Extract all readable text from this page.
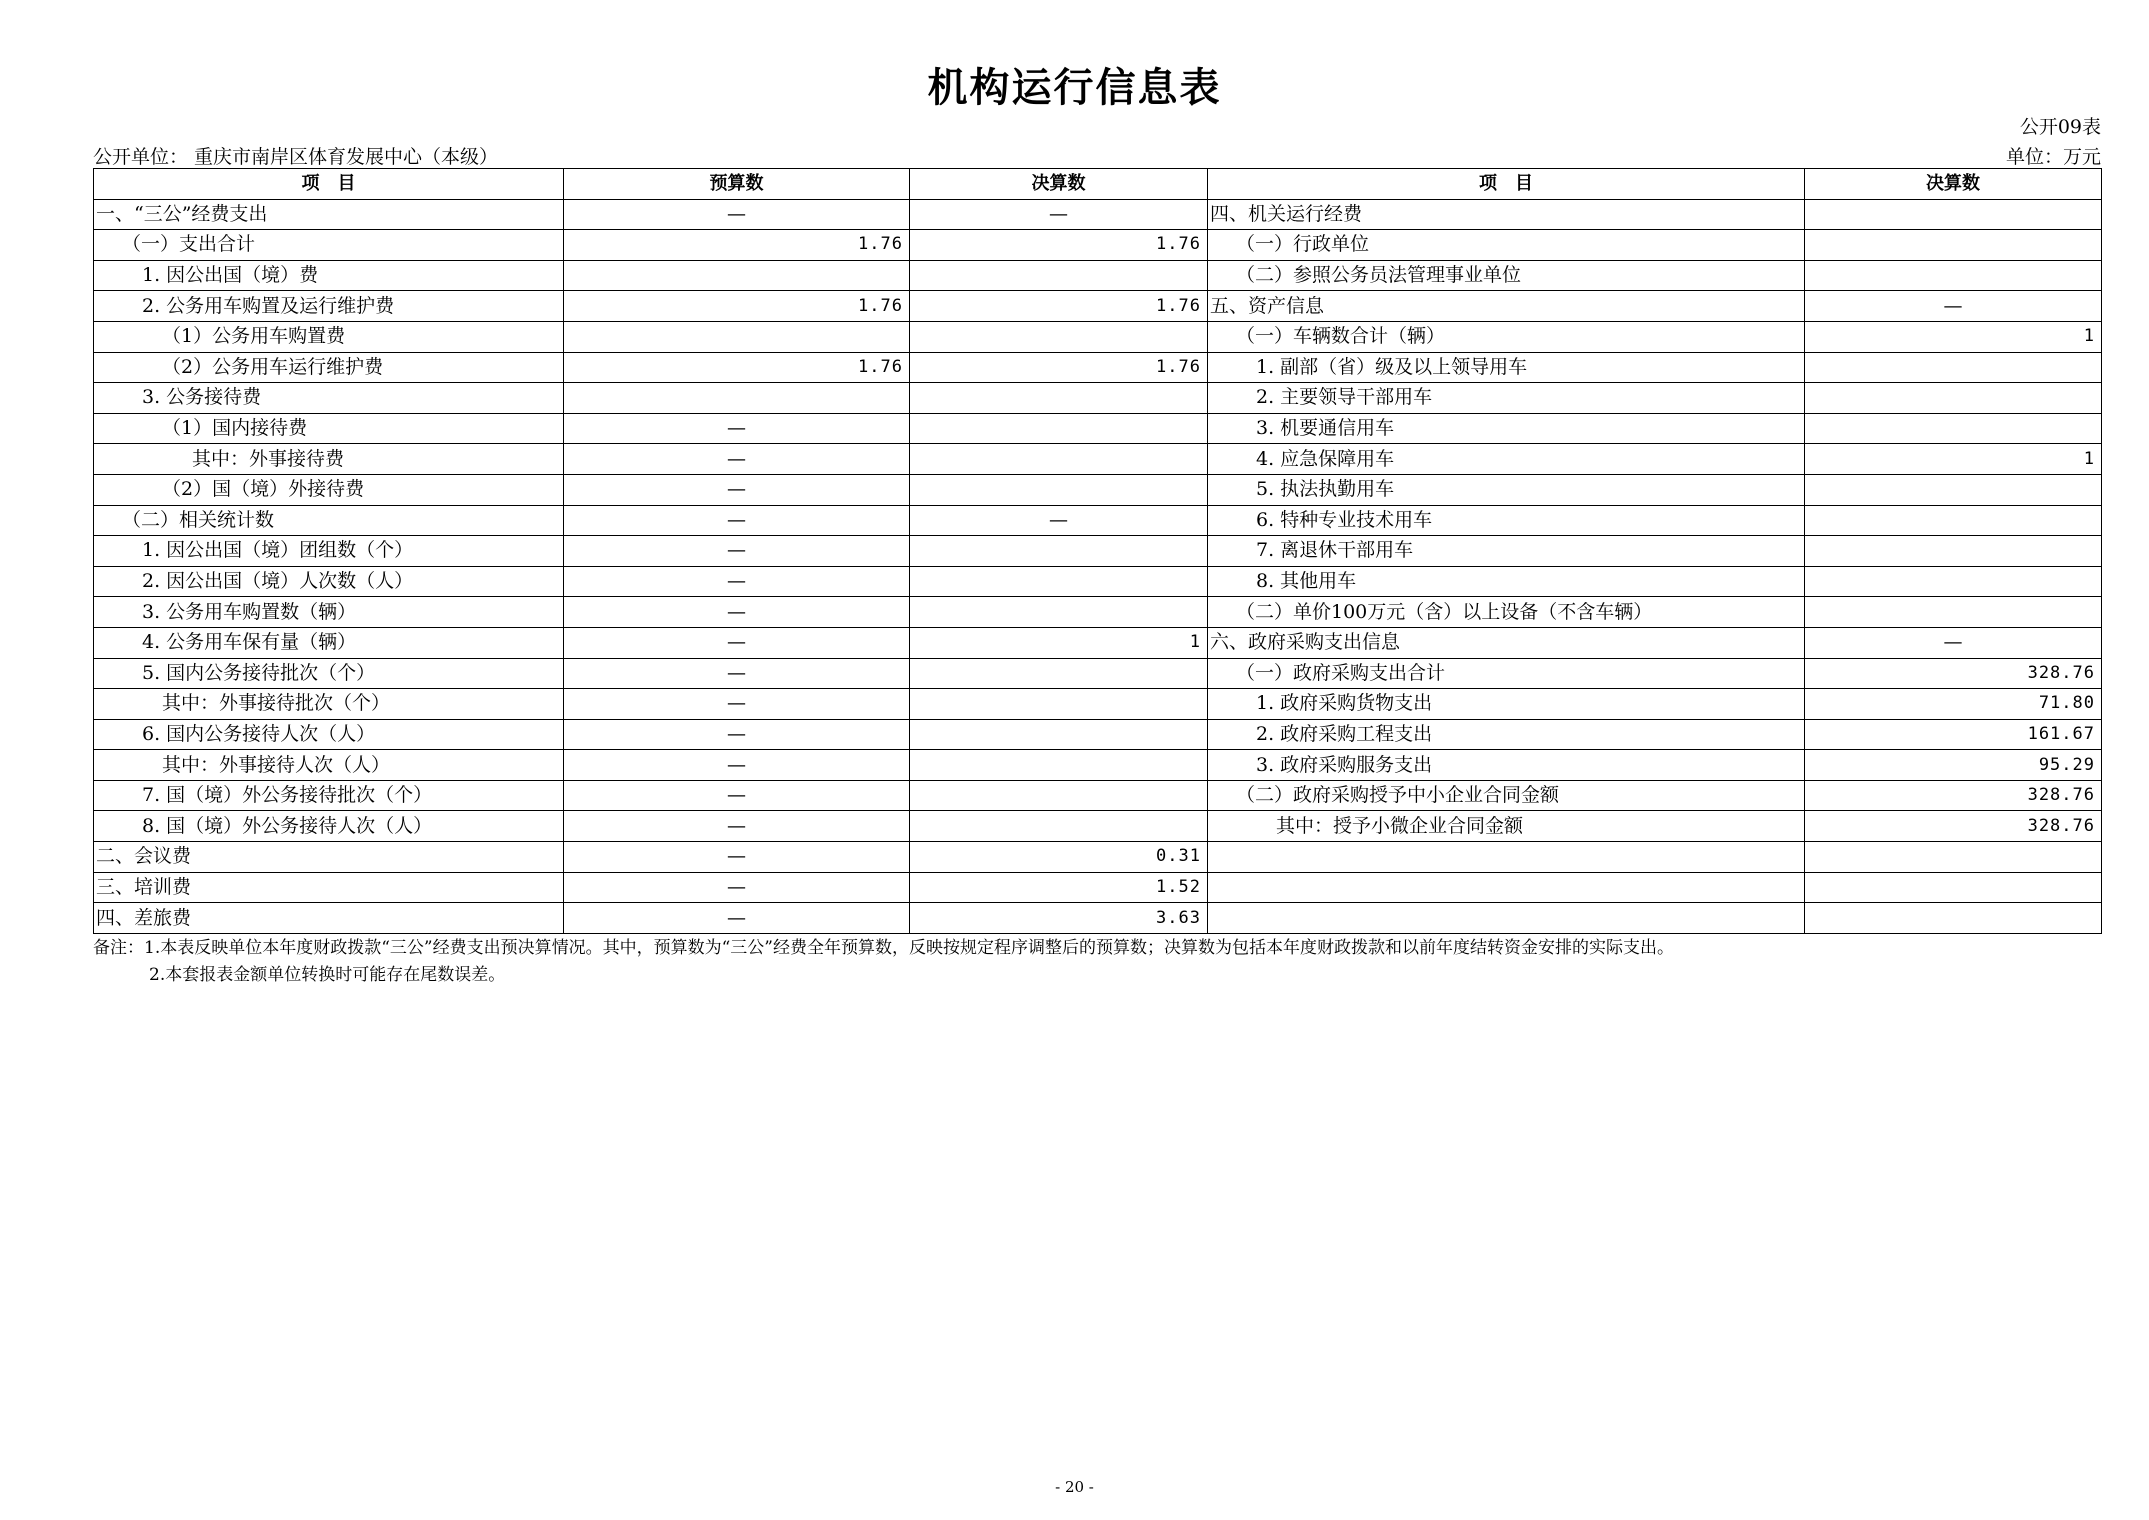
机构运行信息表
公开09表
公开单位： 重庆市南岸区体育发展中心（本级）	单位：万元
项　目	预算数	决算数	项　目	决算数
一、“三公”经费支出	—	—	四、机关运行经费	
（一）支出合计	1.76	1.76	（一）行政单位	
1. 因公出国（境）费			（二）参照公务员法管理事业单位	
2. 公务用车购置及运行维护费	1.76	1.76	五、资产信息	—
（1）公务用车购置费			（一）车辆数合计（辆）	1
（2）公务用车运行维护费	1.76	1.76	1. 副部（省）级及以上领导用车	
3. 公务接待费			2. 主要领导干部用车	
（1）国内接待费	—		3. 机要通信用车	
其中：外事接待费	—		4. 应急保障用车	1
（2）国（境）外接待费	—		5. 执法执勤用车	
（二）相关统计数	—	—	6. 特种专业技术用车	
1. 因公出国（境）团组数（个）	—		7. 离退休干部用车	
2. 因公出国（境）人次数（人）	—		8. 其他用车	
3. 公务用车购置数（辆）	—		（二）单价100万元（含）以上设备（不含车辆）	
4. 公务用车保有量（辆）	—	1	六、政府采购支出信息	—
5. 国内公务接待批次（个）	—		（一）政府采购支出合计	328.76
其中：外事接待批次（个）	—		1. 政府采购货物支出	71.80
6. 国内公务接待人次（人）	—		2. 政府采购工程支出	161.67
其中：外事接待人次（人）	—		3. 政府采购服务支出	95.29
7. 国（境）外公务接待批次（个）	—		（二）政府采购授予中小企业合同金额	328.76
8. 国（境）外公务接待人次（人）	—		其中：授予小微企业合同金额	328.76
二、会议费	—	0.31		
三、培训费	—	1.52		
四、差旅费	—	3.63		
备注：1.本表反映单位本年度财政拨款“三公”经费支出预决算情况。其中，预算数为“三公”经费全年预算数，反映按规定程序调整后的预算数；决算数为包括本年度财政拨款和以前年度结转资金安排的实际支出。
2.本套报表金额单位转换时可能存在尾数误差。
- 20 -
